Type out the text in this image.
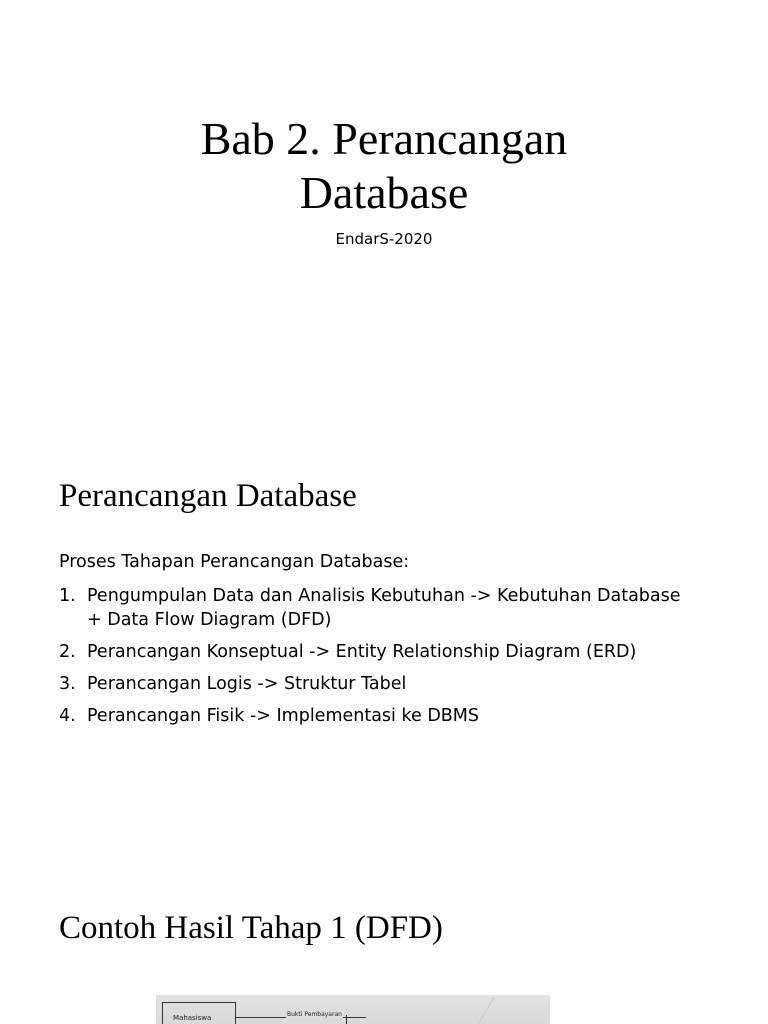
Bab 2. Perancangan
Database
EndarS-2020
Perancangan Database
Proses Tahapan Perancangan Database:
1. Pengumpulan Data dan Analisis Kebutuhan -> Kebutuhan Database
+ Data Flow Diagram (DFD)
2. Perancangan Konseptual -> Entity Relationship Diagram (ERD)
3. Perancangan Logis -> Struktur Tabel
4. Perancangan Fisik -> Implementasi ke DBMS
Contoh Hasil Tahap 1 (DFD)
Mahasiswa	Bukti Pembayaran
